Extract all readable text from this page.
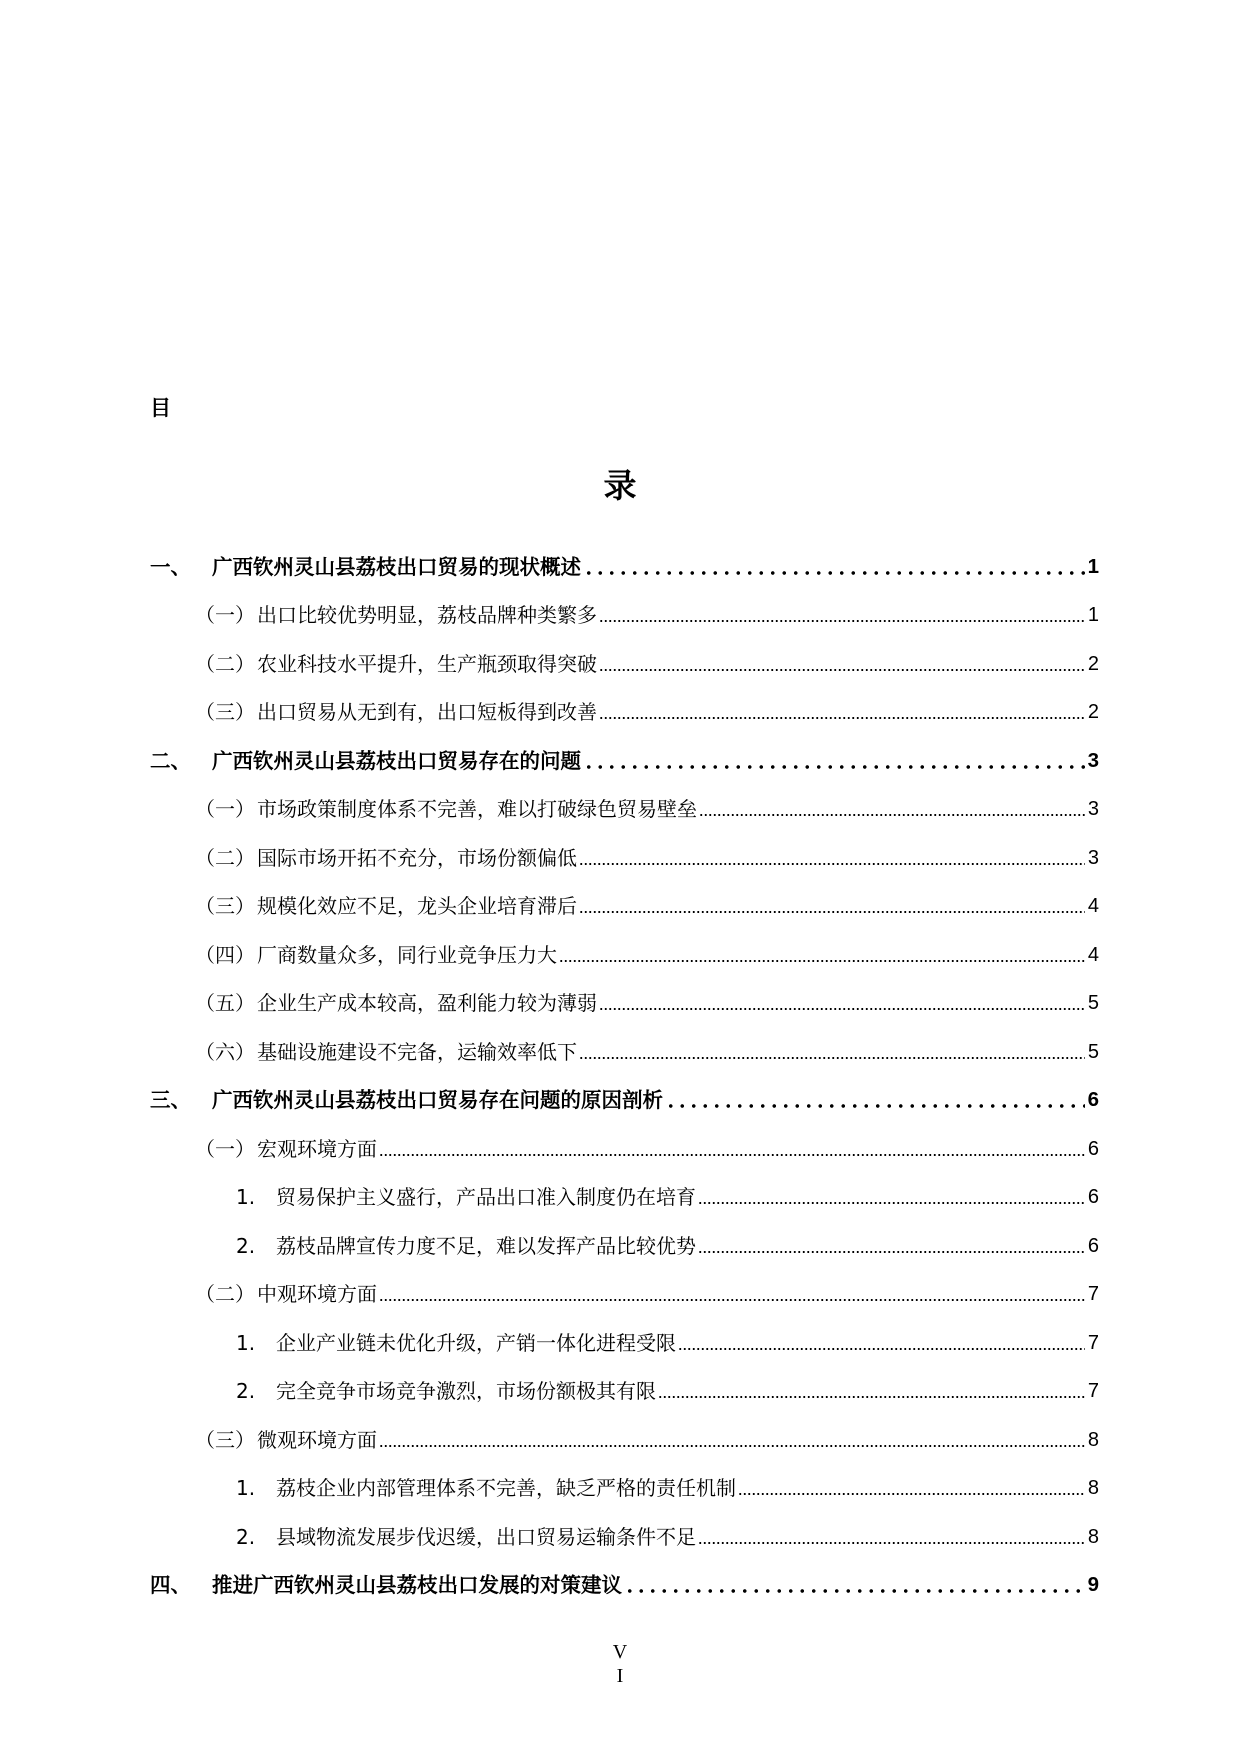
目
录
一、	广西钦州灵山县荔枝出口贸易的现状概述	1
（一） 出口比较优势明显，荔枝品牌种类繁多	1
（二） 农业科技水平提升，生产瓶颈取得突破	2
（三） 出口贸易从无到有，出口短板得到改善	2
二、	广西钦州灵山县荔枝出口贸易存在的问题	3
（一） 市场政策制度体系不完善，难以打破绿色贸易壁垒	3
（二） 国际市场开拓不充分，市场份额偏低	3
（三） 规模化效应不足，龙头企业培育滞后	4
（四） 厂商数量众多，同行业竞争压力大	4
（五） 企业生产成本较高，盈利能力较为薄弱	5
（六） 基础设施建设不完备，运输效率低下	5
三、	广西钦州灵山县荔枝出口贸易存在问题的原因剖析	6
（一） 宏观环境方面	6
1.	贸易保护主义盛行，产品出口准入制度仍在培育	6
2.	荔枝品牌宣传力度不足，难以发挥产品比较优势	6
（二） 中观环境方面	7
1.	企业产业链未优化升级，产销一体化进程受限	7
2.	完全竞争市场竞争激烈，市场份额极其有限	7
（三） 微观环境方面	8
1.	荔枝企业内部管理体系不完善，缺乏严格的责任机制	8
2.	县域物流发展步伐迟缓，出口贸易运输条件不足	8
四、	推进广西钦州灵山县荔枝出口发展的对策建议	9
V
I
